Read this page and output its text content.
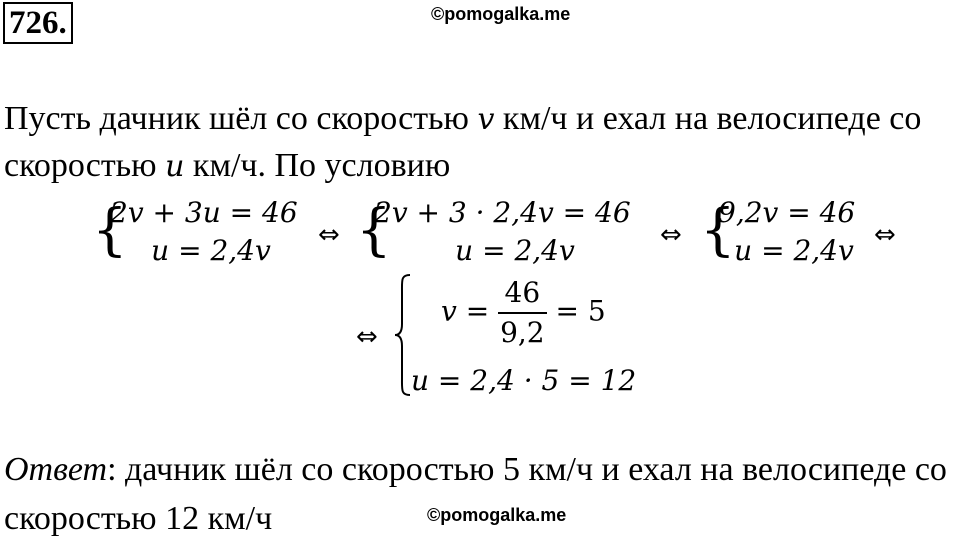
726.	©pomogalka.me
Пусть дачник шёл со скоростью v км/ч и ехал на велосипеде со
скоростью u км/ч. По условию
{
2v + 3u = 46
u = 2,4v	⇔ {
2v + 3 · 2,4v = 46
u = 2,4v	⇔ {
9,2v = 46
u = 2,4v ⇔
⇔
$v = \frac{46}{9,2} = 5$
u = 2,4 · 5 = 12
Ответ: дачник шёл со скоростью 5 км/ч и ехал на велосипеде со
скоростью 12 км/ч	©pomogalka.me
